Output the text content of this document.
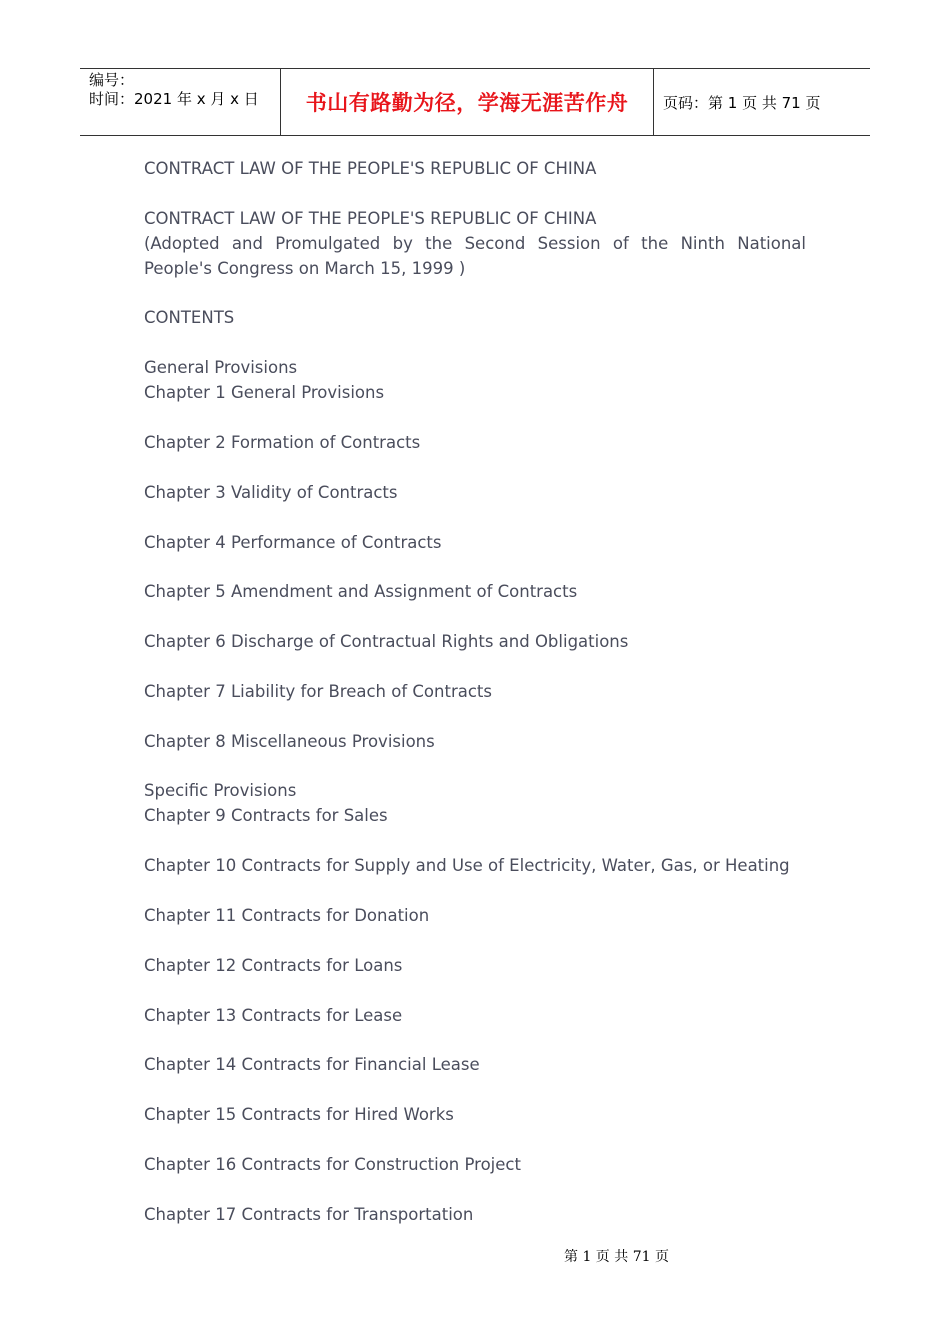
编号：
时间：2021 年 x 月 x 日	书山有路勤为径，学海无涯苦作舟	页码：第 1 页 共 71 页

CONTRACT LAW OF THE PEOPLE'S REPUBLIC OF CHINA

CONTRACT LAW OF THE PEOPLE'S REPUBLIC OF CHINA

(Adopted and Promulgated by the Second Session of the Ninth National People's Congress on March 15, 1999 )

CONTENTS

General Provisions

Chapter 1 General Provisions

Chapter 2 Formation of Contracts

Chapter 3 Validity of Contracts

Chapter 4 Performance of Contracts

Chapter 5 Amendment and Assignment of Contracts

Chapter 6 Discharge of Contractual Rights and Obligations

Chapter 7 Liability for Breach of Contracts

Chapter 8 Miscellaneous Provisions

Specific Provisions

Chapter 9 Contracts for Sales

Chapter 10 Contracts for Supply and Use of Electricity, Water, Gas, or Heating

Chapter 11 Contracts for Donation

Chapter 12 Contracts for Loans

Chapter 13 Contracts for Lease

Chapter 14 Contracts for Financial Lease

Chapter 15 Contracts for Hired Works

Chapter 16 Contracts for Construction Project

Chapter 17 Contracts for Transportation

第 1 页 共 71 页
